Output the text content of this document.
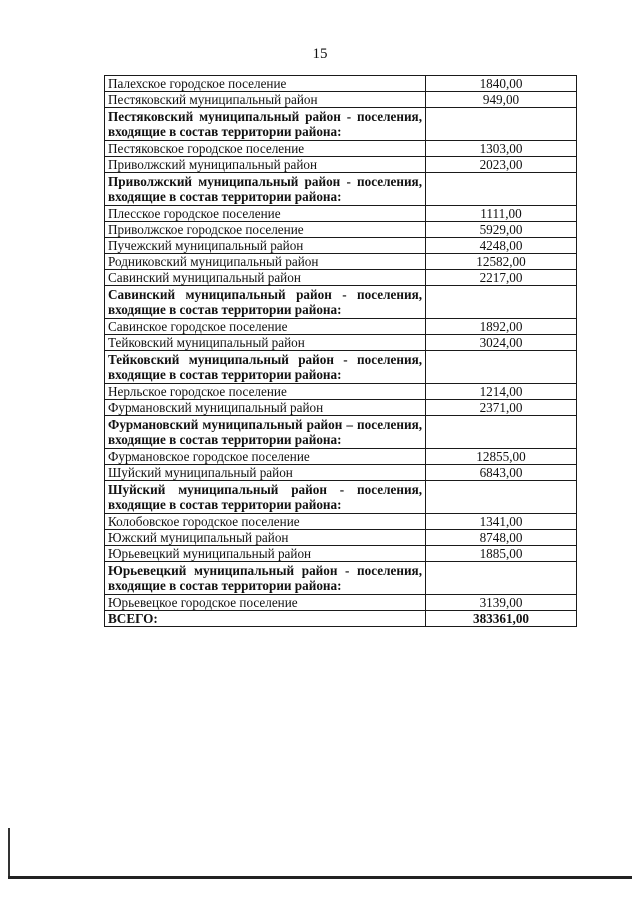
15
Палехское городское поселение	1840,00
Пестяковский муниципальный район	949,00
Пестяковский муниципальный район - поселения, входящие в состав территории района:	
Пестяковское городское поселение	1303,00
Приволжский муниципальный район	2023,00
Приволжский муниципальный район - поселения, входящие в состав территории района:	
Плесское городское поселение	1111,00
Приволжское городское поселение	5929,00
Пучежский муниципальный район	4248,00
Родниковский муниципальный район	12582,00
Савинский муниципальный район	2217,00
Савинский муниципальный район - поселения, входящие в состав территории района:	
Савинское городское поселение	1892,00
Тейковский муниципальный район	3024,00
Тейковский муниципальный район - поселения, входящие в состав территории района:	
Нерльское городское поселение	1214,00
Фурмановский муниципальный район	2371,00
Фурмановский муниципальный район – поселения, входящие в состав территории района:	
Фурмановское городское поселение	12855,00
Шуйский муниципальный район	6843,00
Шуйский муниципальный район - поселения, входящие в состав территории района:	
Колобовское городское поселение	1341,00
Южский муниципальный район	8748,00
Юрьевецкий муниципальный район	1885,00
Юрьевецкий муниципальный район - поселения, входящие в состав территории района:	
Юрьевецкое городское поселение	3139,00
ВСЕГО:	383361,00
